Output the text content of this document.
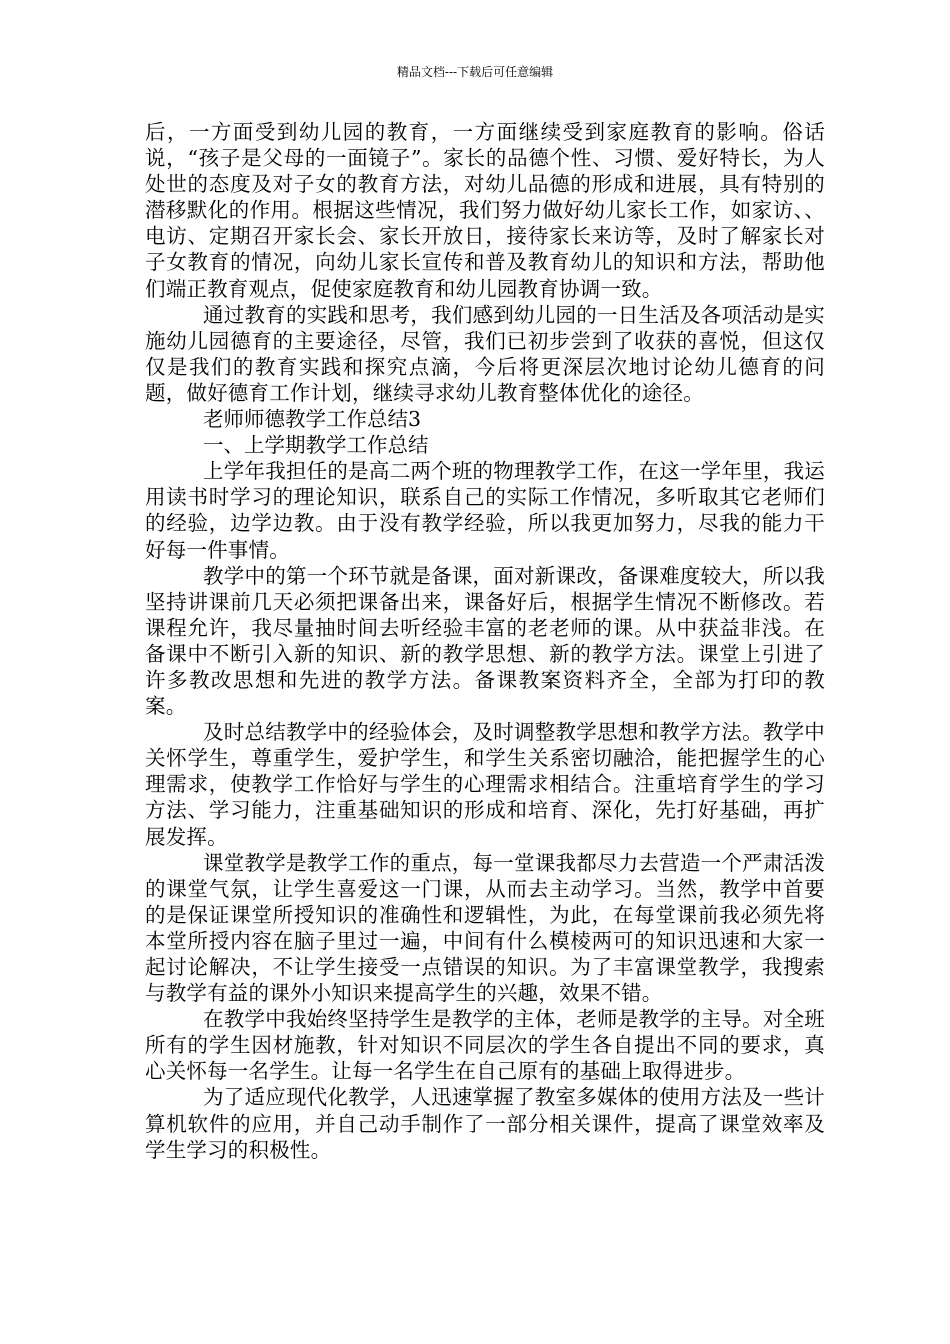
精品文档---下载后可任意编辑

后，一方面受到幼儿园的教育，一方面继续受到家庭教育的影响。俗话说，“孩子是父母的一面镜子”。家长的品德个性、习惯、爱好特长，为人处世的态度及对子女的教育方法，对幼儿品德的形成和进展，具有特别的潜移默化的作用。根据这些情况，我们努力做好幼儿家长工作，如家访、、电访、定期召开家长会、家长开放日，接待家长来访等，及时了解家长对子女教育的情况，向幼儿家长宣传和普及教育幼儿的知识和方法，帮助他们端正教育观点，促使家庭教育和幼儿园教育协调一致。

通过教育的实践和思考，我们感到幼儿园的一日生活及各项活动是实施幼儿园德育的主要途径，尽管，我们已初步尝到了收获的喜悦，但这仅仅是我们的教育实践和探究点滴，今后将更深层次地讨论幼儿德育的问题，做好德育工作计划，继续寻求幼儿教育整体优化的途径。

老师师德教学工作总结3

一、上学期教学工作总结

上学年我担任的是高二两个班的物理教学工作，在这一学年里，我运用读书时学习的理论知识，联系自己的实际工作情况，多听取其它老师们的经验，边学边教。由于没有教学经验，所以我更加努力，尽我的能力干好每一件事情。

教学中的第一个环节就是备课，面对新课改，备课难度较大，所以我坚持讲课前几天必须把课备出来，课备好后，根据学生情况不断修改。若课程允许，我尽量抽时间去听经验丰富的老老师的课。从中获益非浅。在备课中不断引入新的知识、新的教学思想、新的教学方法。课堂上引进了许多教改思想和先进的教学方法。备课教案资料齐全，全部为打印的教案。

及时总结教学中的经验体会，及时调整教学思想和教学方法。教学中关怀学生，尊重学生，爱护学生，和学生关系密切融洽，能把握学生的心理需求，使教学工作恰好与学生的心理需求相结合。注重培育学生的学习方法、学习能力，注重基础知识的形成和培育、深化，先打好基础，再扩展发挥。

课堂教学是教学工作的重点，每一堂课我都尽力去营造一个严肃活泼的课堂气氛，让学生喜爱这一门课，从而去主动学习。当然，教学中首要的是保证课堂所授知识的准确性和逻辑性，为此，在每堂课前我必须先将本堂所授内容在脑子里过一遍，中间有什么模棱两可的知识迅速和大家一起讨论解决，不让学生接受一点错误的知识。为了丰富课堂教学，我搜索与教学有益的课外小知识来提高学生的兴趣，效果不错。

在教学中我始终坚持学生是教学的主体，老师是教学的主导。对全班所有的学生因材施教，针对知识不同层次的学生各自提出不同的要求，真心关怀每一名学生。让每一名学生在自己原有的基础上取得进步。

为了适应现代化教学，人迅速掌握了教室多媒体的使用方法及一些计算机软件的应用，并自己动手制作了一部分相关课件，提高了课堂效率及学生学习的积极性。
